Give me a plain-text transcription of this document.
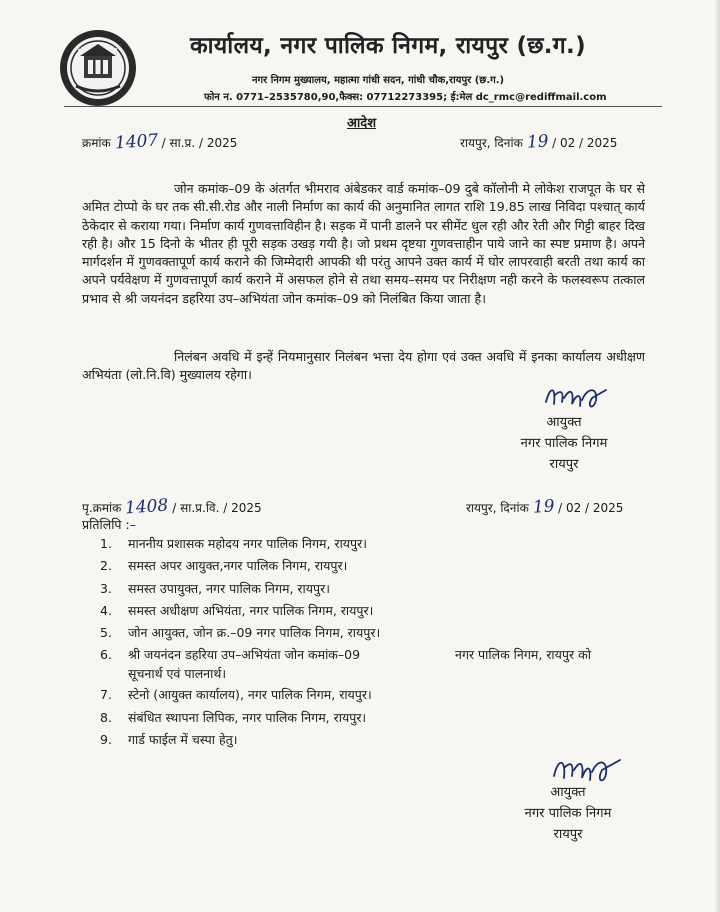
कार्यालय, नगर पालिक निगम, रायपुर (छ.ग.)
नगर निगम मुख्यालय, महात्मा गांधी सदन, गांधी चौक,रायपुर (छ.ग.)
फोन न. 0771–2535780,90,फैक्स: 07712273395; ई:मेल dc_rmc@rediffmail.com
आदेश
क्रमांक 1407 / सा.प्र. / 2025	रायपुर, दिनांक 19 / 02 / 2025
जोन कमांक–09 के अंतर्गत भीमराव अंबेडकर वार्ड कमांक–09 दुबे कॉलोनी मे लोकेश राजपूत के घर से अमित टोप्पो के घर तक सी.सी.रोड और नाली निर्माण का कार्य की अनुमानित लागत राशि 19.85 लाख निविदा पश्चात् कार्य ठेकेदार से कराया गया। निर्माण कार्य गुणवत्ताविहीन है। सड़क में पानी डालने पर सीमेंट धुल रही और रेती और गिट्टी बाहर दिख रही है। और 15 दिनो के भीतर ही पूरी सड़क उखड़ गयी है। जो प्रथम दृष्टया गुणवत्ताहीन पाये जाने का स्पष्ट प्रमाण है। अपने मार्गदर्शन में गुणवक्तापूर्ण कार्य कराने की जिम्मेदारी आपकी थी परंतु आपने उक्त कार्य में घोर लापरवाही बरती तथा कार्य का अपने पर्यवेक्षण में गुणवत्तापूर्ण कार्य कराने में असफल होने से तथा समय–समय पर निरीक्षण नही करने के फलस्वरूप तत्काल प्रभाव से श्री जयनंदन डहरिया उप–अभियंता जोन कमांक–09 को निलंबित किया जाता है।
निलंबन अवधि में इन्हें नियमानुसार निलंबन भत्ता देय होगा एवं उक्त अवधि में इनका कार्यालय अधीक्षण अभियंता (लो.नि.वि) मुख्यालय रहेगा।
आयुक्त
नगर पालिक निगम
रायपुर
पृ.क्रमांक 1408 / सा.प्र.वि. / 2025	रायपुर, दिनांक 19 / 02 / 2025
प्रतिलिपि :–
1. माननीय प्रशासक महोदय नगर पालिक निगम, रायपुर।
2. समस्त अपर आयुक्त,नगर पालिक निगम, रायपुर।
3. समस्त उपायुक्त, नगर पालिक निगम, रायपुर।
4. समस्त अधीक्षण अभियंता, नगर पालिक निगम, रायपुर।
5. जोन आयुक्त, जोन क्र.–09 नगर पालिक निगम, रायपुर।
6. श्री जयनंदन डहरिया उप–अभियंता जोन कमांक–09	नगर पालिक निगम, रायपुर को
सूचनार्थ एवं पालनार्थ।
7. स्टेनो (आयुक्त कार्यालय), नगर पालिक निगम, रायपुर।
8. संबंधित स्थापना लिपिक, नगर पालिक निगम, रायपुर।
9. गार्ड फाईल में चस्पा हेतु।
आयुक्त
नगर पालिक निगम
रायपुर
